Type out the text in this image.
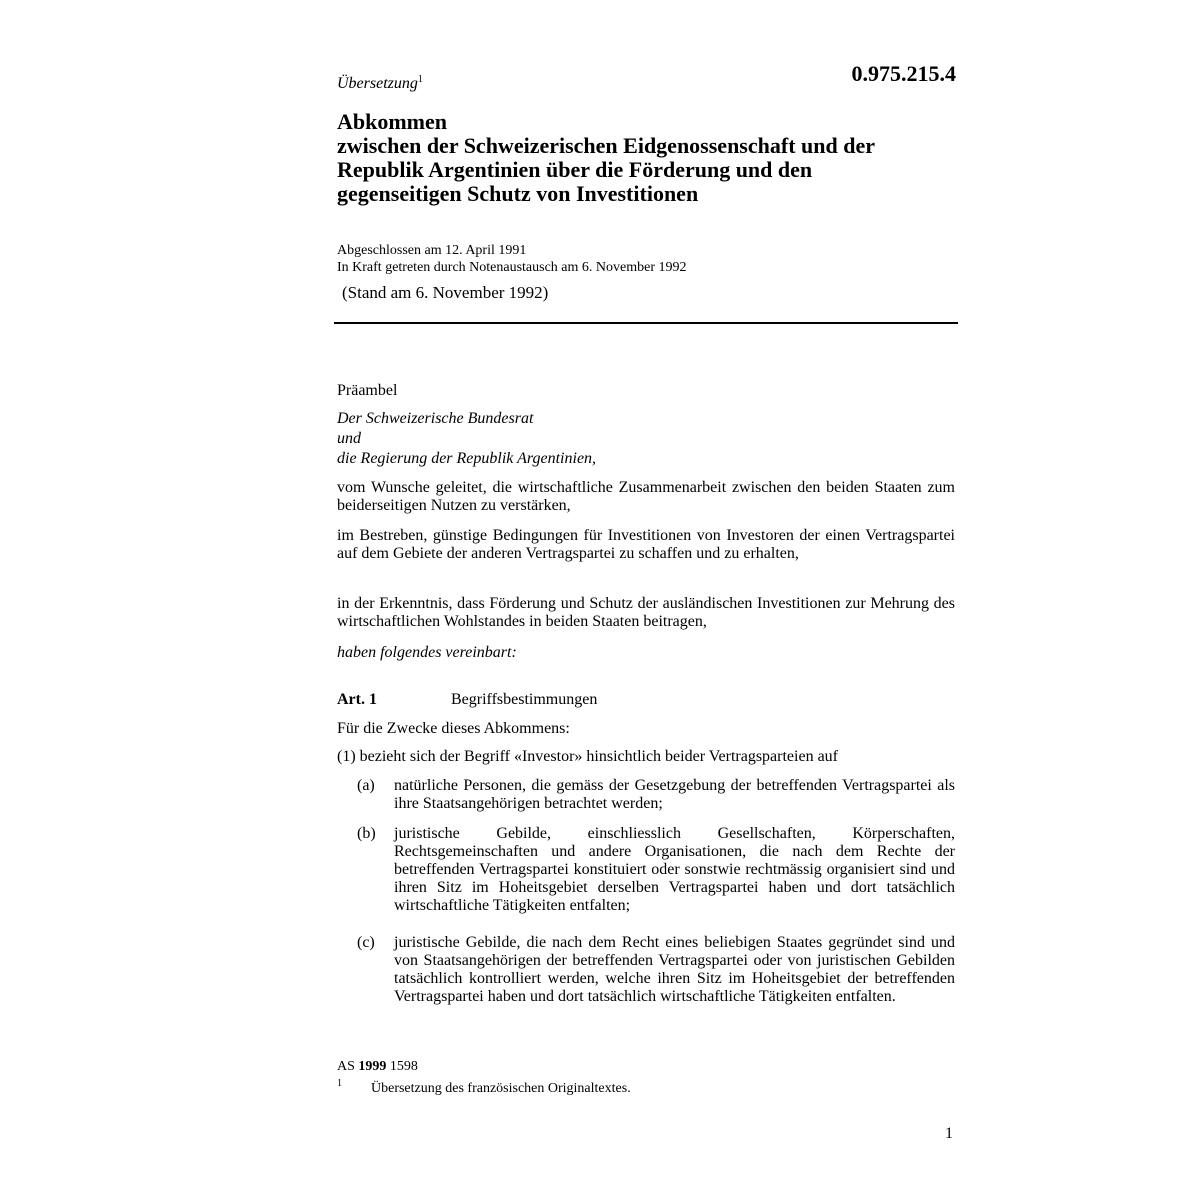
Übersetzung$^1$	0.975.215.4
Abkommen
zwischen der Schweizerischen Eidgenossenschaft und der
Republik Argentinien über die Förderung und den
gegenseitigen Schutz von Investitionen
Abgeschlossen am 12. April 1991
In Kraft getreten durch Notenaustausch am 6. November 1992
(Stand am 6. November 1992)
Präambel
Der Schweizerische Bundesrat
und
die Regierung der Republik Argentinien,
vom Wunsche geleitet, die wirtschaftliche Zusammenarbeit zwischen den beiden Staaten zum beiderseitigen Nutzen zu verstärken,
im Bestreben, günstige Bedingungen für Investitionen von Investoren der einen Vertragspartei auf dem Gebiete der anderen Vertragspartei zu schaffen und zu erhalten,
in der Erkenntnis, dass Förderung und Schutz der ausländischen Investitionen zur Mehrung des wirtschaftlichen Wohlstandes in beiden Staaten beitragen,
haben folgendes vereinbart:
Art. 1	Begriffsbestimmungen
Für die Zwecke dieses Abkommens:
(1) bezieht sich der Begriff «Investor» hinsichtlich beider Vertragsparteien auf
(a) natürliche Personen, die gemäss der Gesetzgebung der betreffenden Vertragspartei als ihre Staatsangehörigen betrachtet werden;
(b) juristische Gebilde, einschliesslich Gesellschaften, Körperschaften, Rechtsgemeinschaften und andere Organisationen, die nach dem Rechte der betreffenden Vertragspartei konstituiert oder sonstwie rechtmässig organisiert sind und ihren Sitz im Hoheitsgebiet derselben Vertragspartei haben und dort tatsächlich wirtschaftliche Tätigkeiten entfalten;
(c) juristische Gebilde, die nach dem Recht eines beliebigen Staates gegründet sind und von Staatsangehörigen der betreffenden Vertragspartei oder von juristischen Gebilden tatsächlich kontrolliert werden, welche ihren Sitz im Hoheitsgebiet der betreffenden Vertragspartei haben und dort tatsächlich wirtschaftliche Tätigkeiten entfalten.
AS 1999 1598
1 Übersetzung des französischen Originaltextes.
1
